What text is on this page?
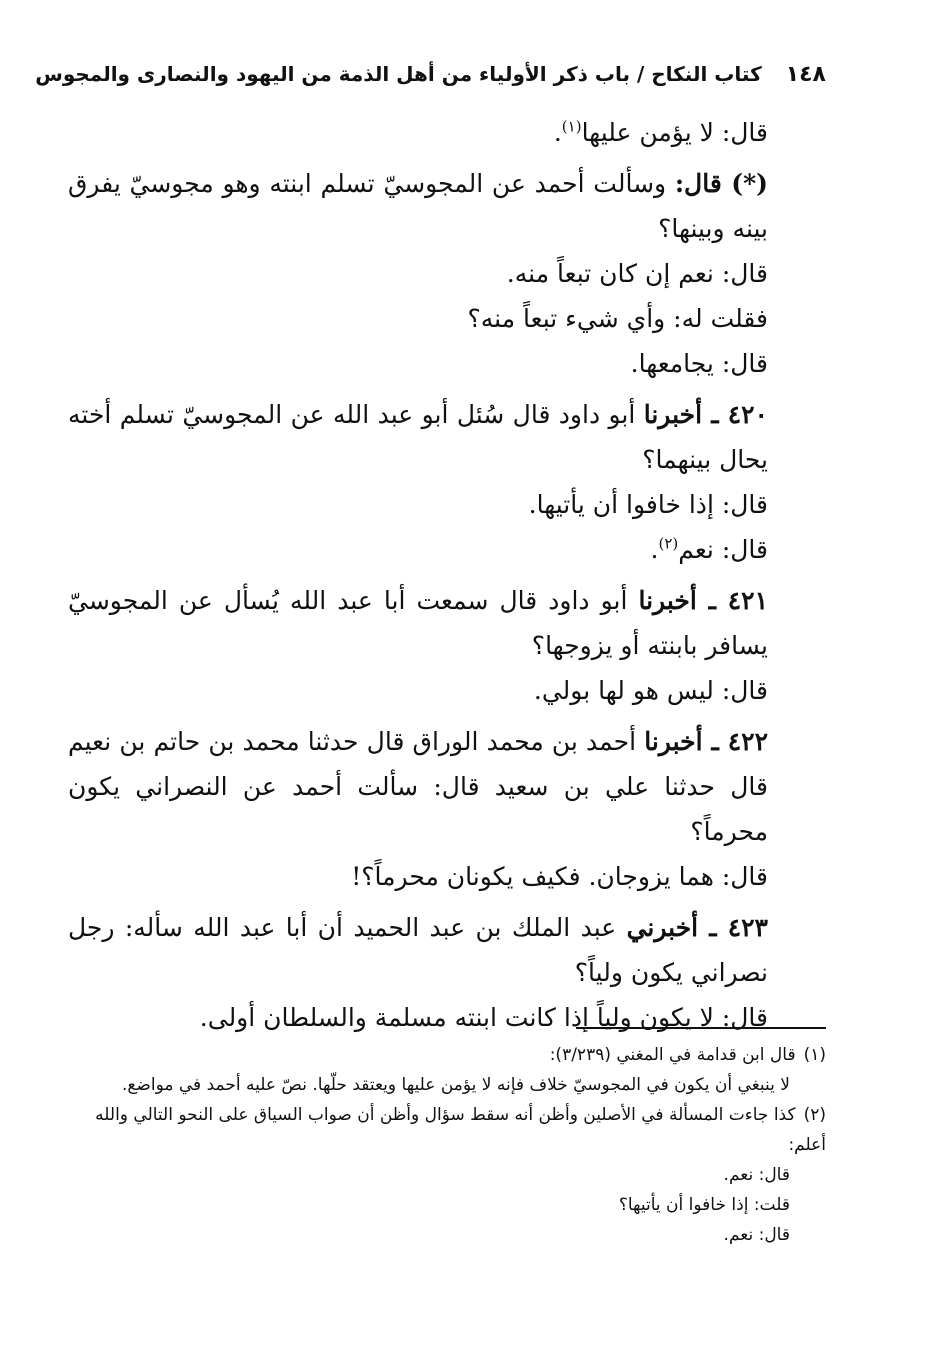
١٤٨
كتاب النكاح / باب ذكر الأولياء من أهل الذمة من اليهود والنصارى والمجوس

قال: لا يؤمن عليها$^{(١)}$.

(*) قال: وسألت أحمد عن المجوسيّ تسلم ابنته وهو مجوسيّ يفرق بينه وبينها؟

قال: نعم إن كان تبعاً منه.

فقلت له: وأي شيء تبعاً منه؟

قال: يجامعها.

٤٢٠ ـ أخبرنا أبو داود قال سُئل أبو عبد الله عن المجوسيّ تسلم أخته يحال بينهما؟

قال: إذا خافوا أن يأتيها.

قال: نعم$^{(٢)}$.

٤٢١ ـ أخبرنا أبو داود قال سمعت أبا عبد الله يُسأل عن المجوسيّ يسافر بابنته أو يزوجها؟

قال: ليس هو لها بولي.

٤٢٢ ـ أخبرنا أحمد بن محمد الوراق قال حدثنا محمد بن حاتم بن نعيم قال حدثنا علي بن سعيد قال: سألت أحمد عن النصراني يكون محرماً؟

قال: هما يزوجان. فكيف يكونان محرماً؟!

٤٢٣ ـ أخبرني عبد الملك بن عبد الحميد أن أبا عبد الله سأله: رجل نصراني يكون ولياً؟

قال: لا يكون ولياً إذا كانت ابنته مسلمة والسلطان أولى.

(١)قال ابن قدامة في المغني (٣/٢٣٩):

لا ينبغي أن يكون في المجوسيّ خلاف فإنه لا يؤمن عليها ويعتقد حلّها. نصّ عليه أحمد في مواضع.

(٢)كذا جاءت المسألة في الأصلين وأظن أنه سقط سؤال وأظن أن صواب السياق على النحو التالي والله أعلم:

قال: نعم.

قلت: إذا خافوا أن يأتيها؟

قال: نعم.
